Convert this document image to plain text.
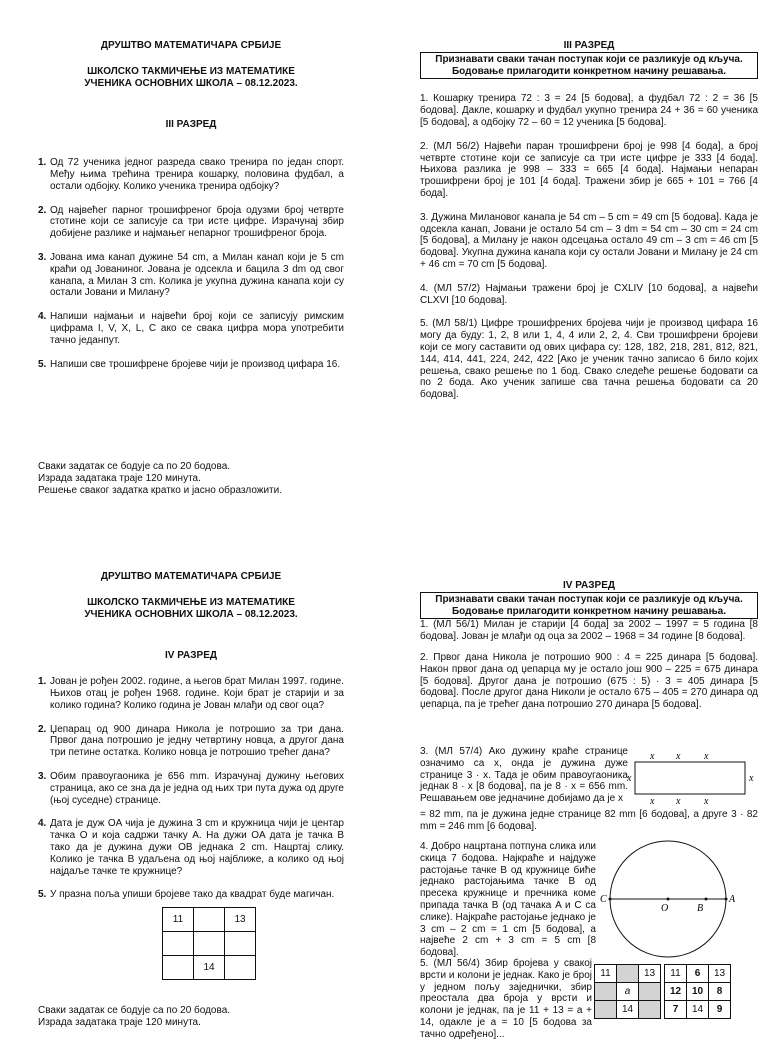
ДРУШТВО МАТЕМАТИЧАРА СРБИЈЕ
ШКОЛСКО ТАКМИЧЕЊЕ ИЗ МАТЕМАТИКЕ
УЧЕНИКА ОСНОВНИХ ШКОЛА – 08.12.2023.
III РАЗРЕД
1. Од 72 ученика једног разреда свако тренира по један спорт. Међу њима трећина тренира кошарку, половина фудбал, а остали одбојку. Колико ученика тренира одбојку?
2. Од највећег парног трошифреног броја одузми број четврте стотине који се записује са три исте цифре. Израчунај збир добијене разлике и најмањег непарног трошифреног броја.
3. Јована има канап дужине 54 cm, а Милан канап који је 5 cm краћи од Јованиног. Јована је одсекла и бацила 3 dm од свог канапа, а Милан 3 cm. Колика је укупна дужина канапа који су остали Јовани и Милану?
4. Напиши најмањи и највећи број који се записују римским цифрама I, V, X, L, C ако се свака цифра мора употребити тачно једанпут.
5. Напиши све трошифрене бројеве чији је производ цифара 16.
Сваки задатак се бодује са по 20 бодова.
Израда задатака траје 120 минута.
Решење сваког задатка кратко и јасно образложити.
III РАЗРЕД
Признавати сваки тачан поступак који се разликује од кључа.
Бодовање прилагодити конкретном начину решавања.

1. Кошарку тренира 72 : 3 = 24 [5 бодова], а фудбал 72 : 2 = 36 [5 бодова]. Дакле, кошарку и фудбал укупно тренира 24 + 36 = 60 ученика [5 бодова], а одбојку 72 – 60 = 12 ученика [5 бодова].

2. (МЛ 56/2) Највећи паран трошифрени број је 998 [4 бода], а број четврте стотине који се записује са три исте цифре је 333 [4 бода]. Њихова разлика је 998 – 333 = 665 [4 бода]. Најмањи непаран трошифрени број је 101 [4 бода]. Тражени збир је 665 + 101 = 766 [4 бода].

3. Дужина Милановог канапа је 54 cm – 5 cm = 49 cm [5 бодова]. Када је одсекла канап, Јовани је остало 54 cm – 3 dm = 54 cm – 30 cm = 24 cm [5 бодова], а Милану је након одсецања остало 49 cm – 3 cm = 46 cm [5 бодова]. Укупна дужина канапа који су остали Јовани и Милану је 24 cm + 46 cm = 70 cm [5 бодова].

4. (МЛ 57/2) Најмањи тражени број је CXLIV [10 бодова], а највећи CLXVI [10 бодова].

5. (МЛ 58/1) Цифре трошифрених бројева чији је производ цифара 16 могу да буду: 1, 2, 8 или 1, 4, 4 или 2, 2, 4. Сви трошифрени бројеви који се могу саставити од ових цифара су: 128, 182, 218, 281, 812, 821, 144, 414, 441, 224, 242, 422 [Ако је ученик тачно записао 6 било којих решења, свако решење по 1 бод. Свако следеће решење бодовати са по 2 бода. Ако ученик запише сва тачна решења бодовати са 20 бодова].

ДРУШТВО МАТЕМАТИЧАРА СРБИЈЕ
ШКОЛСКО ТАКМИЧЕЊЕ ИЗ МАТЕМАТИКЕ
УЧЕНИКА ОСНОВНИХ ШКОЛА – 08.12.2023.
IV РАЗРЕД
1. Јован је рођен 2002. године, а његов брат Милан 1997. године. Њихов отац је рођен 1968. године. Који брат је старији и за колико година? Колико година је Јован млађи од свог оца?
2. Џепарац од 900 динара Никола је потрошио за три дана. Првог дана потрошио је једну четвртину новца, а другог дана три петине остатка. Колико новца је потрошио трећег дана?
3. Обим правоугаоника је 656 mm. Израчунај дужину његових страница, ако се зна да је једна од њих три пута дужа од друге (њој суседне) странице.
4. Дата је дуж OA чија је дужина 3 cm и кружница чији је центар тачка O и која садржи тачку A. На дужи OA дата је тачка B тако да је дужина дужи OB једнака 2 cm. Нацртај слику. Колико је тачка B удаљена од њој најближе, а колико од њој најдаље тачке те кружнице?
5. У празна поља упиши бројеве тако да квадрат буде магичан.
11		13

	14	
Сваки задатак се бодује са по 20 бодова.
Израда задатака траје 120 минута.
IV РАЗРЕД
Признавати сваки тачан поступак који се разликује од кључа.
Бодовање прилагодити конкретном начину решавања.

1. (МЛ 56/1) Милан је старији [4 бода] за 2002 – 1997 = 5 година [8 бодова]. Јован је млађи од оца за 2002 – 1968 = 34 године [8 бодова].

2. Првог дана Никола је потрошио 900 : 4 = 225 динара [5 бодова]. Након првог дана од џепарца му је остало још 900 – 225 = 675 динара [5 бодова]. Другог дана је потрошио (675 : 5) · 3 = 405 динара [5 бодова]. После другог дана Николи је остало 675 – 405 = 270 динара од џепарца, па је трећег дана потрошио 270 динара [5 бодова].

3. (МЛ 57/4) Ако дужину краће странице означимо са x, онда је дужина дуже странице 3 · x. Тада је обим правоугаоника једнак 8 · x [8 бодова], па је 8 · x = 656 mm. Решавањем ове једначине добијамо да је x

= 82 mm, па је дужина једне странице 82 mm [6 бодова], а друге 3 · 82 mm = 246 mm [6 бодова].

x x x
x x x
x	x

4. Добро нацртана потпуна слика или скица 7 бодова. Најкраће и најдуже растојање тачке B од кружнице биће једнако растојањима тачке B од пресека кружнице и пречника коме припада тачка B (од тачака A и C са слике). Најкраће растојање једнако је 3 cm – 2 cm = 1 cm [5 бодова], а највеће 2 cm + 3 cm = 5 cm [8 бодова].

C
O	B
A

5. (МЛ 56/4) Збир бројева у свакој врсти и колони је једнак. Како је број у једном пољу заједнички, збир преостала два броја у врсти и колони је једнак, па је 11 + 13 = a + 14, одакле је a = 10 [5 бодова за тачно одређено]...

11		13
	a	
	14	
11	6	13
12	10	8
7	14	9
